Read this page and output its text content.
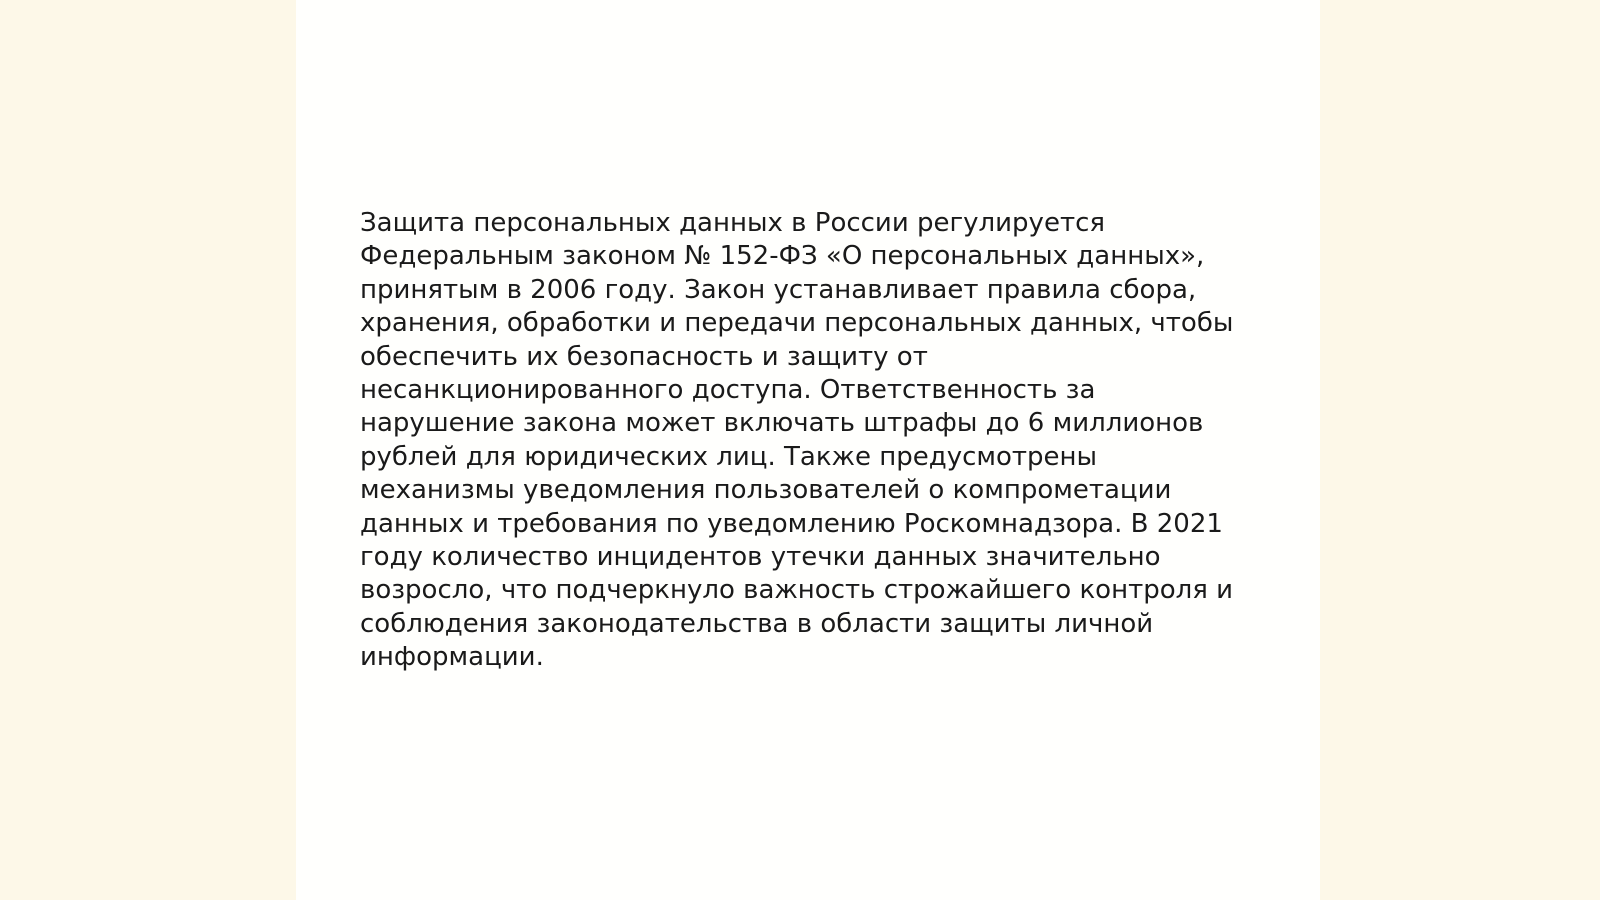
Защита персональных данных в России регулируется
Федеральным законом № 152-ФЗ «О персональных данных»,
принятым в 2006 году. Закон устанавливает правила сбора,
хранения, обработки и передачи персональных данных, чтобы
обеспечить их безопасность и защиту от
несанкционированного доступа. Ответственность за
нарушение закона может включать штрафы до 6 миллионов
рублей для юридических лиц. Также предусмотрены
механизмы уведомления пользователей о компрометации
данных и требования по уведомлению Роскомнадзора. В 2021
году количество инцидентов утечки данных значительно
возросло, что подчеркнуло важность строжайшего контроля и
соблюдения законодательства в области защиты личной
информации.
